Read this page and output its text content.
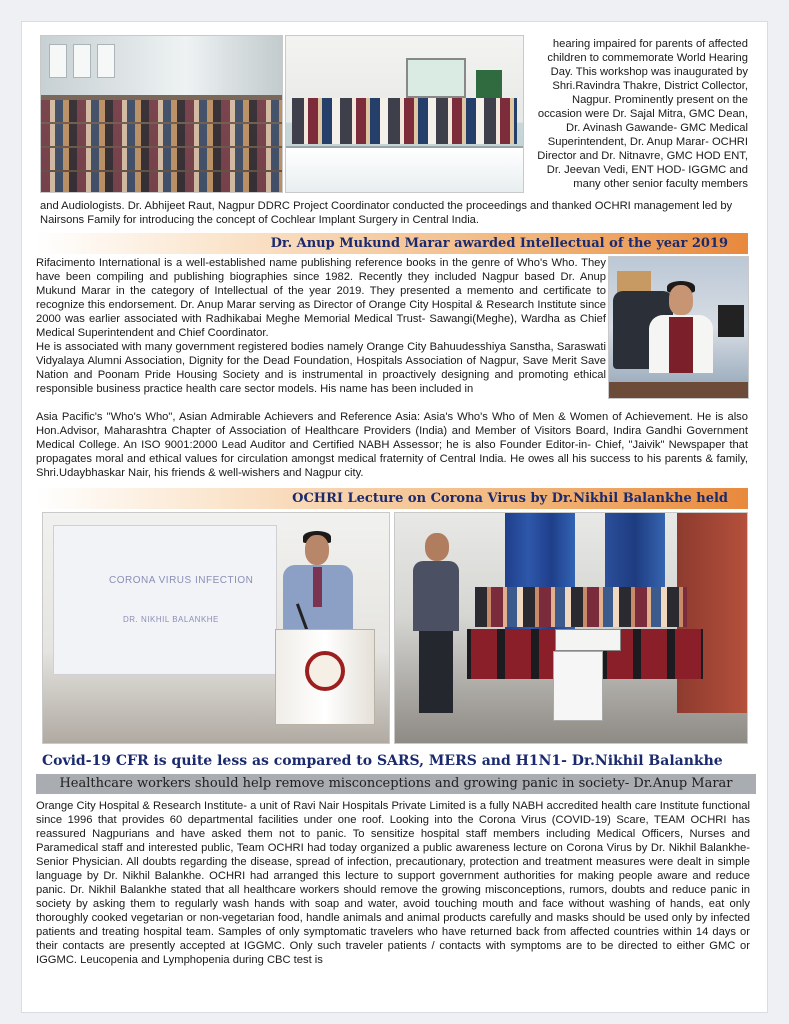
hearing impaired for parents of affected children to commemorate World Hearing Day. This workshop was inaugurated by Shri.Ravindra Thakre, District Collector, Nagpur. Prominently present on the occasion were Dr. Sajal Mitra, GMC Dean, Dr. Avinash Gawande- GMC Medical Superintendent, Dr. Anup Marar- OCHRI Director and Dr. Nitnavre, GMC HOD ENT, Dr. Jeevan Vedi, ENT HOD- IGGMC and many other senior faculty members
and Audiologists. Dr. Abhijeet Raut, Nagpur DDRC Project Coordinator conducted the proceedings and thanked OCHRI management led by Nairsons Family for introducing the concept of Cochlear Implant Surgery in Central India.
Dr. Anup Mukund Marar awarded Intellectual of the year 2019
Rifacimento International is a well-established name publishing reference books in the genre of Who's Who. They have been compiling and publishing biographies since 1982. Recently they included Nagpur based Dr. Anup Mukund Marar in the category of Intellectual of the year 2019. They presented a memento and certificate to recognize this endorsement. Dr. Anup Marar serving as Director of Orange City Hospital & Research Institute since 2000 was earlier associated with Radhikabai Meghe Memorial Medical Trust- Sawangi(Meghe), Wardha as Chief Medical Superintendent and Chief Coordinator.
He is associated with many government registered bodies namely Orange City Bahuudesshiya Sanstha, Saraswati Vidyalaya Alumni Association, Dignity for the Dead Foundation, Hospitals Association of Nagpur, Save Merit Save Nation and Poonam Pride Housing Society and is instrumental in proactively designing and promoting ethical responsible business practice health care sector models. His name has been included in
Asia Pacific's "Who's Who", Asian Admirable Achievers and Reference Asia: Asia's Who's Who of Men & Women of Achievement. He is also Hon.Advisor, Maharashtra Chapter of Association of Healthcare Providers (India) and Member of Visitors Board, Indira Gandhi Government Medical College. An ISO 9001:2000 Lead Auditor and Certified NABH Assessor; he is also Founder Editor-in- Chief, "Jaivik" Newspaper that propagates moral and ethical values for circulation amongst medical fraternity of Central India. He owes all his success to his parents & family, Shri.Udaybhaskar Nair, his friends & well-wishers and Nagpur city.
OCHRI Lecture on Corona Virus by Dr.Nikhil Balankhe held
CORONA VIRUS INFECTION
DR. NIKHIL BALANKHE
Covid-19 CFR is quite less as compared to SARS, MERS and H1N1- Dr.Nikhil Balankhe
Healthcare workers should help remove misconceptions and growing panic in society- Dr.Anup Marar
Orange City Hospital & Research Institute- a unit of Ravi Nair Hospitals Private Limited is a fully NABH accredited health care Institute functional since 1996 that provides 60 departmental facilities under one roof. Looking into the Corona Virus (COVID-19) Scare, TEAM OCHRI has reassured Nagpurians and have asked them not to panic. To sensitize hospital staff members including Medical Officers, Nurses and Paramedical staff and interested public, Team OCHRI had today organized a public awareness lecture on Corona Virus by Dr. Nikhil Balankhe- Senior Physician. All doubts regarding the disease, spread of infection, precautionary, protection and treatment measures were dealt in simple language by Dr. Nikhil Balankhe. OCHRI had arranged this lecture to support government authorities for making people aware and reduce panic. Dr. Nikhil Balankhe stated that all healthcare workers should remove the growing misconceptions, rumors, doubts and reduce panic in society by asking them to regularly wash hands with soap and water, avoid touching mouth and face without washing of hands, eat only thoroughly cooked vegetarian or non-vegetarian food, handle animals and animal products carefully and masks should be used only by infected patients and treating hospital team. Samples of only symptomatic travelers who have returned back from affected countries within 14 days or their contacts are presently accepted at IGGMC. Only such traveler patients / contacts with symptoms are to be directed to either GMC or IGGMC. Leucopenia and Lymphopenia during CBC test is
